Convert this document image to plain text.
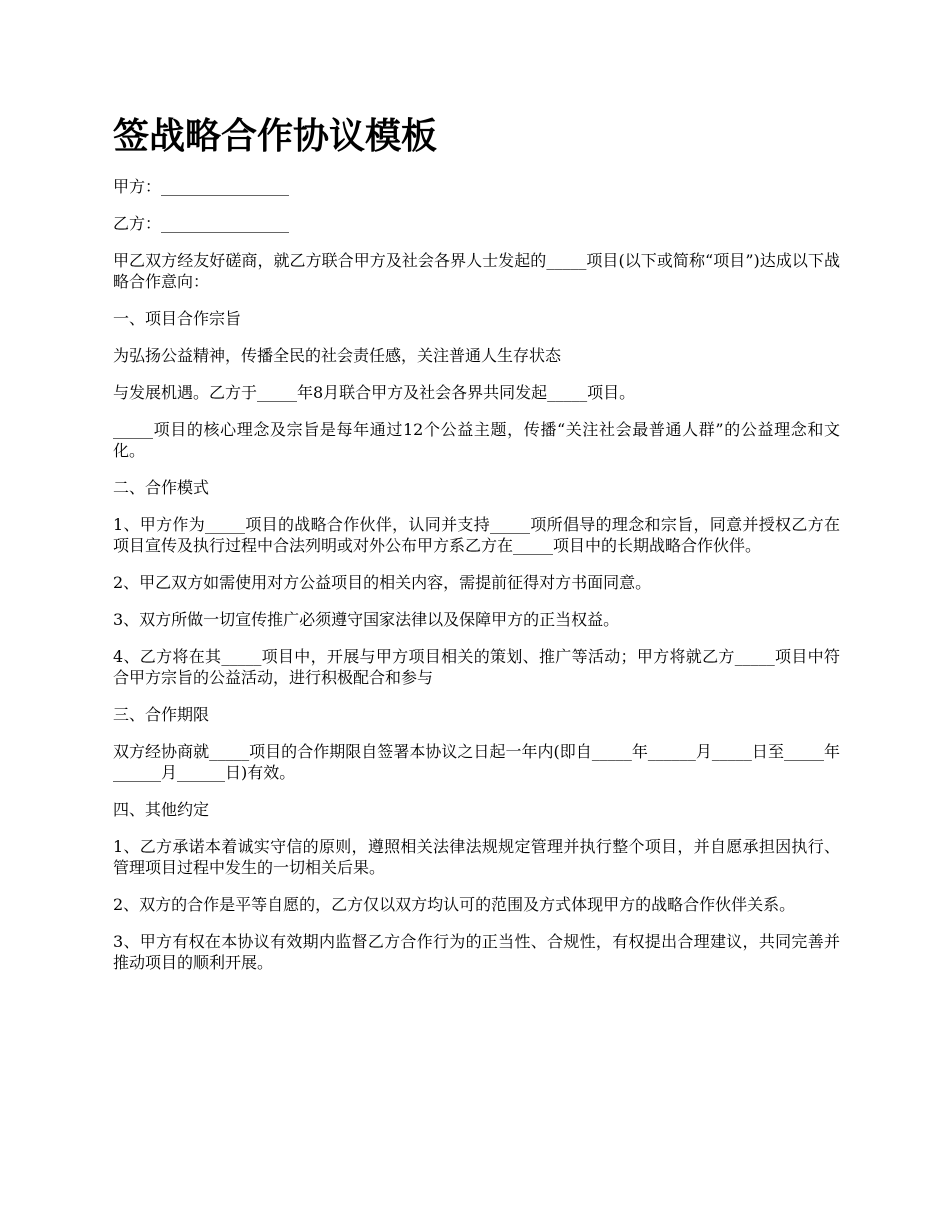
签战略合作协议模板

甲方：________________

乙方：________________

甲乙双方经友好磋商，就乙方联合甲方及社会各界人士发起的_____项目(以下或简称“项目”)达成以下战略合作意向：

一、项目合作宗旨

为弘扬公益精神，传播全民的社会责任感，关注普通人生存状态

与发展机遇。乙方于_____年8月联合甲方及社会各界共同发起_____项目。

_____项目的核心理念及宗旨是每年通过12个公益主题，传播“关注社会最普通人群”的公益理念和文化。

二、合作模式

1、甲方作为_____项目的战略合作伙伴，认同并支持_____项所倡导的理念和宗旨，同意并授权乙方在项目宣传及执行过程中合法列明或对外公布甲方系乙方在_____项目中的长期战略合作伙伴。

2、甲乙双方如需使用对方公益项目的相关内容，需提前征得对方书面同意。

3、双方所做一切宣传推广必须遵守国家法律以及保障甲方的正当权益。

4、乙方将在其_____项目中，开展与甲方项目相关的策划、推广等活动；甲方将就乙方_____项目中符合甲方宗旨的公益活动，进行积极配合和参与

三、合作期限

双方经协商就_____项目的合作期限自签署本协议之日起一年内(即自_____年______月_____日至_____年______月______日)有效。

四、其他约定

1、乙方承诺本着诚实守信的原则，遵照相关法律法规规定管理并执行整个项目，并自愿承担因执行、管理项目过程中发生的一切相关后果。

2、双方的合作是平等自愿的，乙方仅以双方均认可的范围及方式体现甲方的战略合作伙伴关系。

3、甲方有权在本协议有效期内监督乙方合作行为的正当性、合规性，有权提出合理建议，共同完善并推动项目的顺利开展。
